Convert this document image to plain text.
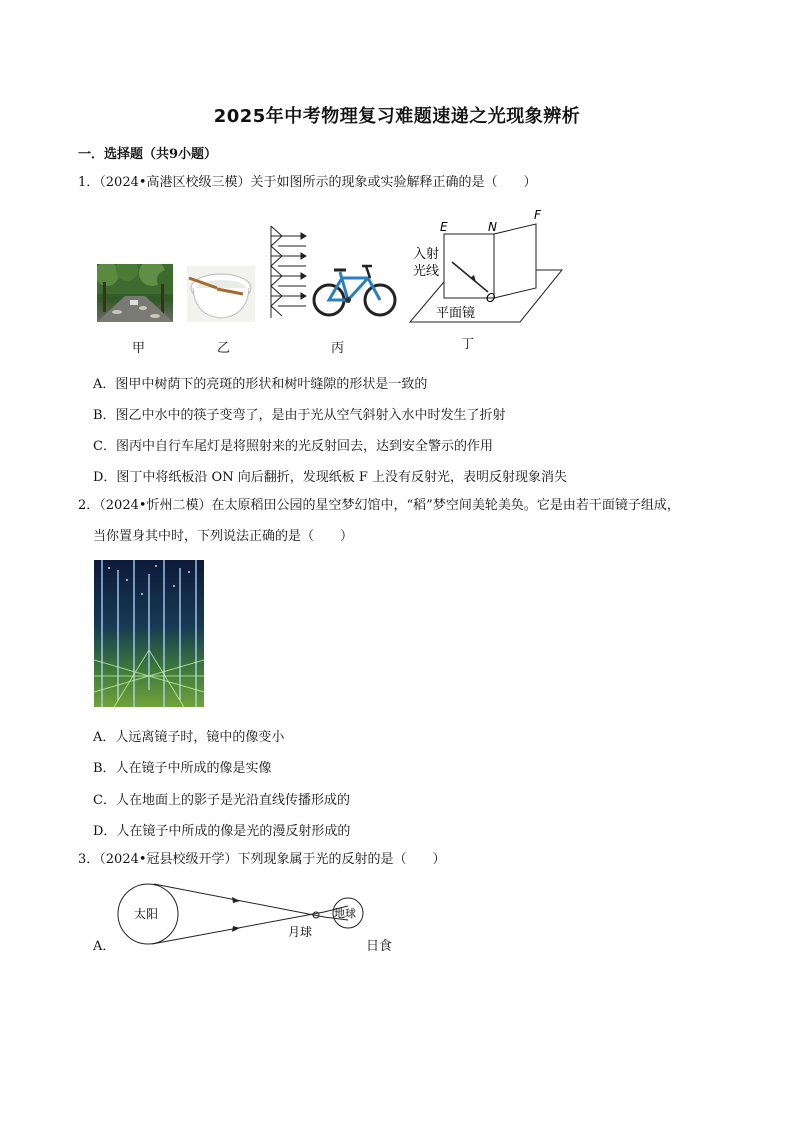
2025年中考物理复习难题速递之光现象辨析
一．选择题（共9小题）
1．（2024•高港区校级三模）关于如图所示的现象或实验解释正确的是（　　）
E	N
F
O
入射
光线
平面镜
甲	乙	丙	丁
A．图甲中树荫下的亮斑的形状和树叶缝隙的形状是一致的
B．图乙中水中的筷子变弯了，是由于光从空气斜射入水中时发生了折射
C．图丙中自行车尾灯是将照射来的光反射回去，达到安全警示的作用
D．图丁中将纸板沿 ON 向后翻折，发现纸板 F 上没有反射光，表明反射现象消失
2．（2024•忻州二模）在太原稻田公园的星空梦幻馆中，“稻”梦空间美轮美奂。它是由若干面镜子组成，
当你置身其中时，下列说法正确的是（　　）
A．人远离镜子时，镜中的像变小
B．人在镜子中所成的像是实像
C．人在地面上的影子是光沿直线传播形成的
D．人在镜子中所成的像是光的漫反射形成的
3．（2024•冠县校级开学）下列现象属于光的反射的是（　　）
A．
太阳
月球
地球
日食
